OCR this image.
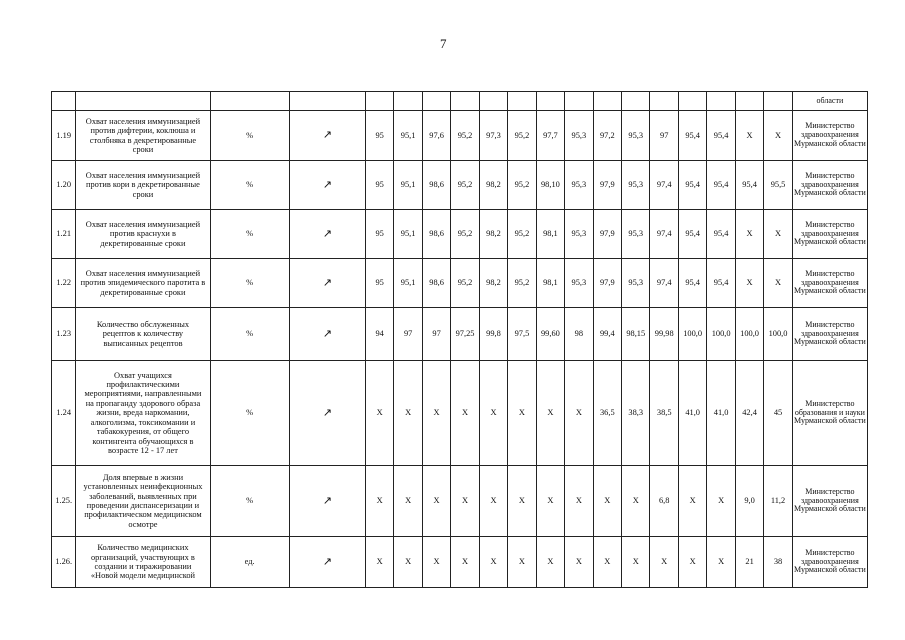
7
																			области
1.19	Охват населения иммунизацией против дифтерии, коклюша и столбняка в декретированные сроки	%	↗	95	95,1	97,6	95,2	97,3	95,2	97,7	95,3	97,2	95,3	97	95,4	95,4	Х	Х	Министерство здравоохранения Мурманской области
1.20	Охват населения иммунизацией против кори в декретированные сроки	%	↗	95	95,1	98,6	95,2	98,2	95,2	98,10	95,3	97,9	95,3	97,4	95,4	95,4	95,4	95,5	Министерство здравоохранения Мурманской области
1.21	Охват населения иммунизацией против краснухи в декретированные сроки	%	↗	95	95,1	98,6	95,2	98,2	95,2	98,1	95,3	97,9	95,3	97,4	95,4	95,4	Х	Х	Министерство здравоохранения Мурманской области
1.22	Охват населения иммунизацией против эпидемического паротита в декретированные сроки	%	↗	95	95,1	98,6	95,2	98,2	95,2	98,1	95,3	97,9	95,3	97,4	95,4	95,4	Х	Х	Министерство здравоохранения Мурманской области
1.23	Количество обслуженных рецептов к количеству выписанных рецептов	%	↗	94	97	97	97,25	99,8	97,5	99,60	98	99,4	98,15	99,98	100,0	100,0	100,0	100,0	Министерство здравоохранения Мурманской области
1.24	Охват учащихся профилактическими мероприятиями, направленными на пропаганду здорового образа жизни, вреда наркомании, алкоголизма, токсикомании и табакокурения, от общего контингента обучающихся в возрасте 12 - 17 лет	%	↗	Х	Х	Х	Х	Х	Х	Х	Х	36,5	38,3	38,5	41,0	41,0	42,4	45	Министерство образования и науки Мурманской области
1.25.	Доля впервые в жизни установленных неинфекционных заболеваний, выявленных при проведении диспансеризации и профилактическом медицинском осмотре	%	↗	Х	Х	Х	Х	Х	Х	Х	Х	Х	Х	6,8	Х	Х	9,0	11,2	Министерство здравоохранения Мурманской области
1.26.	Количество медицинских организаций, участвующих в создании и тиражировании «Новой модели медицинской	ед.	↗	Х	Х	Х	Х	Х	Х	Х	Х	Х	Х	Х	Х	Х	21	38	Министерство здравоохранения Мурманской области
